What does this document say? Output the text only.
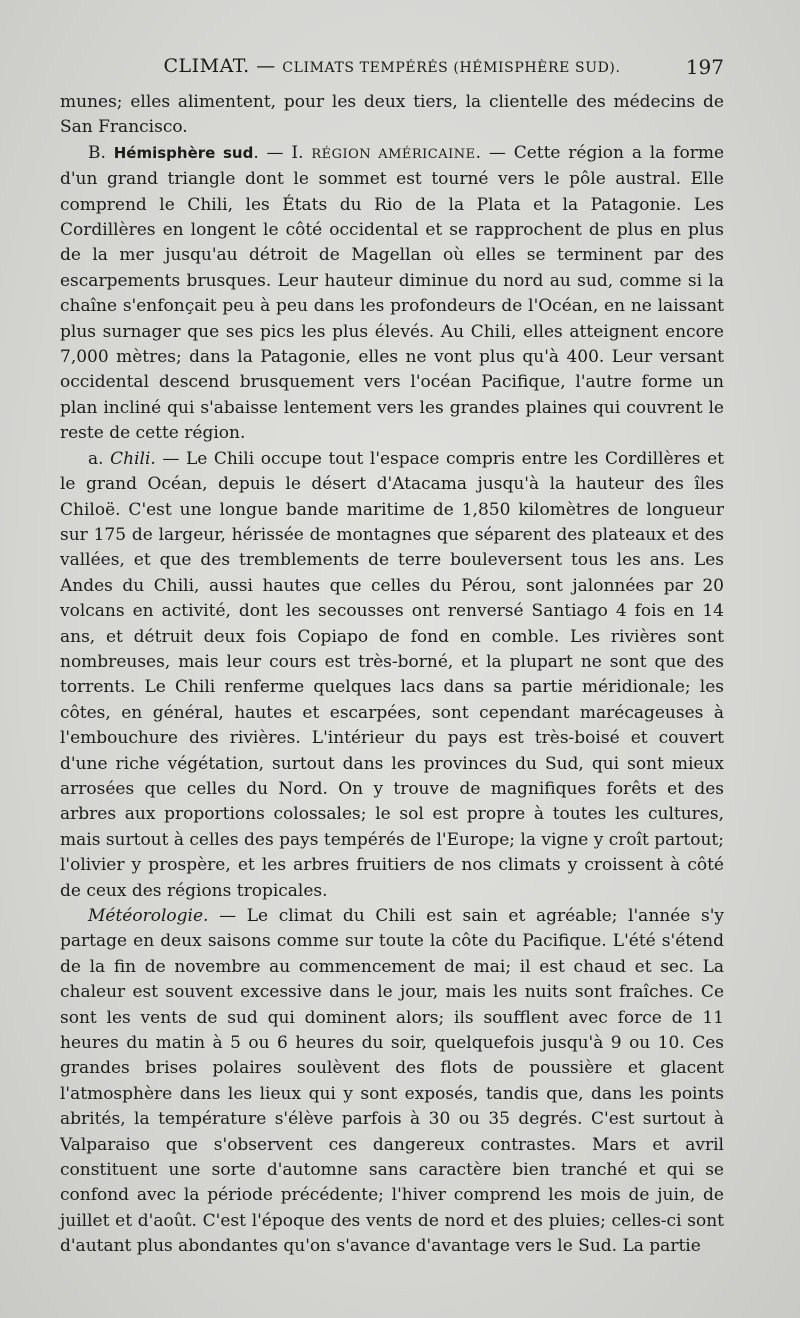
CLIMAT. — CLIMATS TEMPÉRÉS (HÉMISPHÈRE SUD).	197

munes; elles alimentent, pour les deux tiers, la clientelle des médecins de San Francisco.

B. Hémisphère sud. — I. RÉGION AMÉRICAINE. — Cette région a la forme d'un grand triangle dont le sommet est tourné vers le pôle austral. Elle comprend le Chili, les États du Rio de la Plata et la Patagonie. Les Cordillères en longent le côté occidental et se rapprochent de plus en plus de la mer jusqu'au détroit de Magellan où elles se terminent par des escarpements brusques. Leur hauteur diminue du nord au sud, comme si la chaîne s'enfonçait peu à peu dans les profondeurs de l'Océan, en ne laissant plus surnager que ses pics les plus élevés. Au Chili, elles atteignent encore 7,000 mètres; dans la Patagonie, elles ne vont plus qu'à 400. Leur versant occidental descend brusquement vers l'océan Pacifique, l'autre forme un plan incliné qui s'abaisse lentement vers les grandes plaines qui couvrent le reste de cette région.

a. Chili. — Le Chili occupe tout l'espace compris entre les Cordillères et le grand Océan, depuis le désert d'Atacama jusqu'à la hauteur des îles Chiloë. C'est une longue bande maritime de 1,850 kilomètres de longueur sur 175 de largeur, hérissée de montagnes que séparent des plateaux et des vallées, et que des tremblements de terre bouleversent tous les ans. Les Andes du Chili, aussi hautes que celles du Pérou, sont jalonnées par 20 volcans en activité, dont les secousses ont renversé Santiago 4 fois en 14 ans, et détruit deux fois Copiapo de fond en comble. Les rivières sont nombreuses, mais leur cours est très-borné, et la plupart ne sont que des torrents. Le Chili renferme quelques lacs dans sa partie méridionale; les côtes, en général, hautes et escarpées, sont cependant marécageuses à l'embouchure des rivières. L'intérieur du pays est très-boisé et couvert d'une riche végétation, surtout dans les provinces du Sud, qui sont mieux arrosées que celles du Nord. On y trouve de magnifiques forêts et des arbres aux proportions colossales; le sol est propre à toutes les cultures, mais surtout à celles des pays tempérés de l'Europe; la vigne y croît partout; l'olivier y prospère, et les arbres fruitiers de nos climats y croissent à côté de ceux des régions tropicales.

Météorologie. — Le climat du Chili est sain et agréable; l'année s'y partage en deux saisons comme sur toute la côte du Pacifique. L'été s'étend de la fin de novembre au commencement de mai; il est chaud et sec. La chaleur est souvent excessive dans le jour, mais les nuits sont fraîches. Ce sont les vents de sud qui dominent alors; ils soufflent avec force de 11 heures du matin à 5 ou 6 heures du soir, quelquefois jusqu'à 9 ou 10. Ces grandes brises polaires soulèvent des flots de poussière et glacent l'atmosphère dans les lieux qui y sont exposés, tandis que, dans les points abrités, la température s'élève parfois à 30 ou 35 degrés. C'est surtout à Valparaiso que s'observent ces dangereux contrastes. Mars et avril constituent une sorte d'automne sans caractère bien tranché et qui se confond avec la période précédente; l'hiver comprend les mois de juin, de juillet et d'août. C'est l'époque des vents de nord et des pluies; celles-ci sont d'autant plus abondantes qu'on s'avance d'avantage vers le Sud. La partie
